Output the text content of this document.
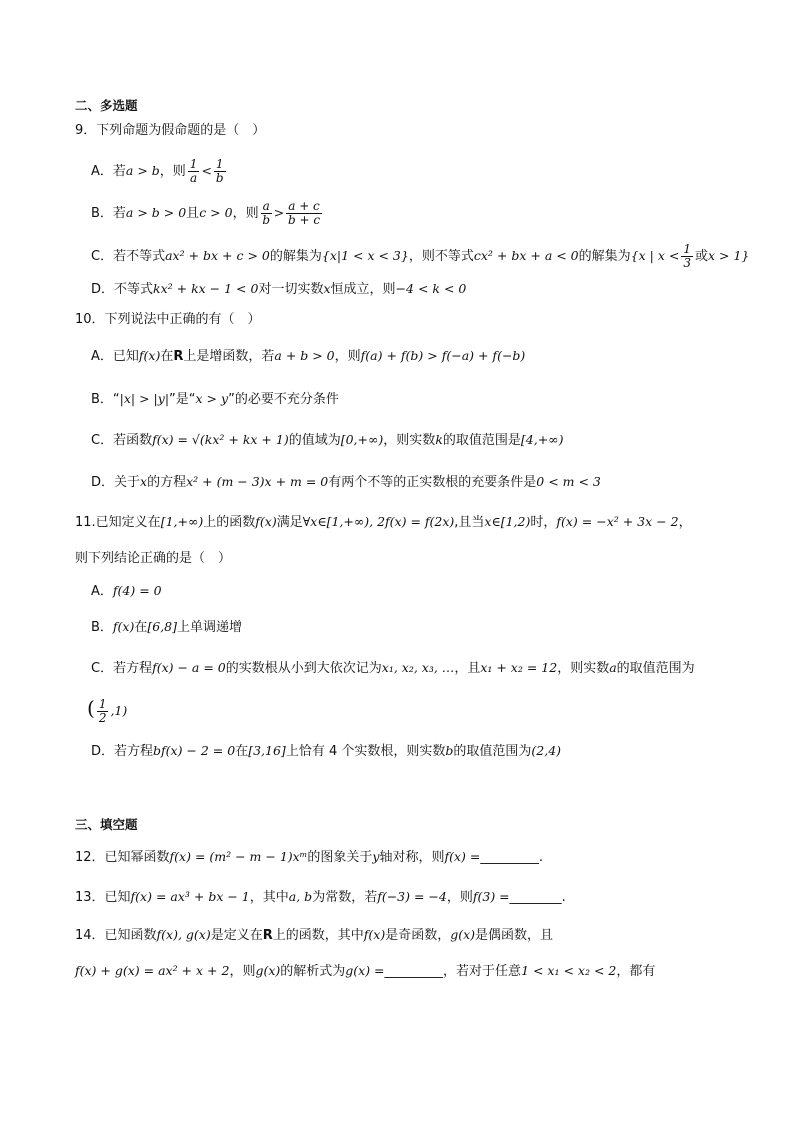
二、多选题
9．下列命题为假命题的是（　）
A．若a > b，则 $\frac{1}{a} < \frac{1}{b}$
B．若a > b > 0且c > 0，则 $\frac{a}{b} > \frac{a + c}{b + c}$
C．若不等式ax² + bx + c > 0的解集为{x|1 < x < 3}，则不等式cx² + bx + a < 0的解集为{x | $x < \frac{1}{3}$ 或x > 1}
D．不等式kx² + kx − 1 < 0对一切实数x恒成立，则−4 < k < 0
10．下列说法中正确的有（　）
A．已知f(x)在R上是增函数，若a + b > 0，则f(a) + f(b) > f(−a) + f(−b)
B．“|x| > |y|”是“x > y”的必要不充分条件
C．若函数f(x) = √(kx² + kx + 1)的值域为[0,+∞)，则实数k的取值范围是[4,+∞)
D．关于x的方程x² + (m − 3)x + m = 0有两个不等的正实数根的充要条件是0 < m < 3
11.已知定义在[1,+∞)上的函数f(x)满足∀x∈[1,+∞), 2f(x) = f(2x),且当x∈[1,2)时，f(x) = −x² + 3x − 2，
则下列结论正确的是（　）
A．f(4) = 0
B．f(x)在[6,8]上单调递增
C．若方程f(x) − a = 0的实数根从小到大依次记为x₁, x₂, x₃, …，且x₁ + x₂ = 12，则实数a的取值范围为
( $\frac{1}{2} ,1$)
D．若方程bf(x) − 2 = 0在[3,16]上恰有 4 个实数根，则实数b的取值范围为(2,4)
三、填空题
12．已知幂函数f(x) = (m² − m − 1)xᵐ的图象关于y轴对称，则f(x) =_________.
13．已知f(x) = ax³ + bx − 1，其中a, b为常数，若f(−3) = −4，则f(3) =________.
14．已知函数f(x), g(x)是定义在R上的函数，其中f(x)是奇函数，g(x)是偶函数，且
f(x) + g(x) = ax² + x + 2，则g(x)的解析式为g(x) =_________，若对于任意1 < x₁ < x₂ < 2，都有
